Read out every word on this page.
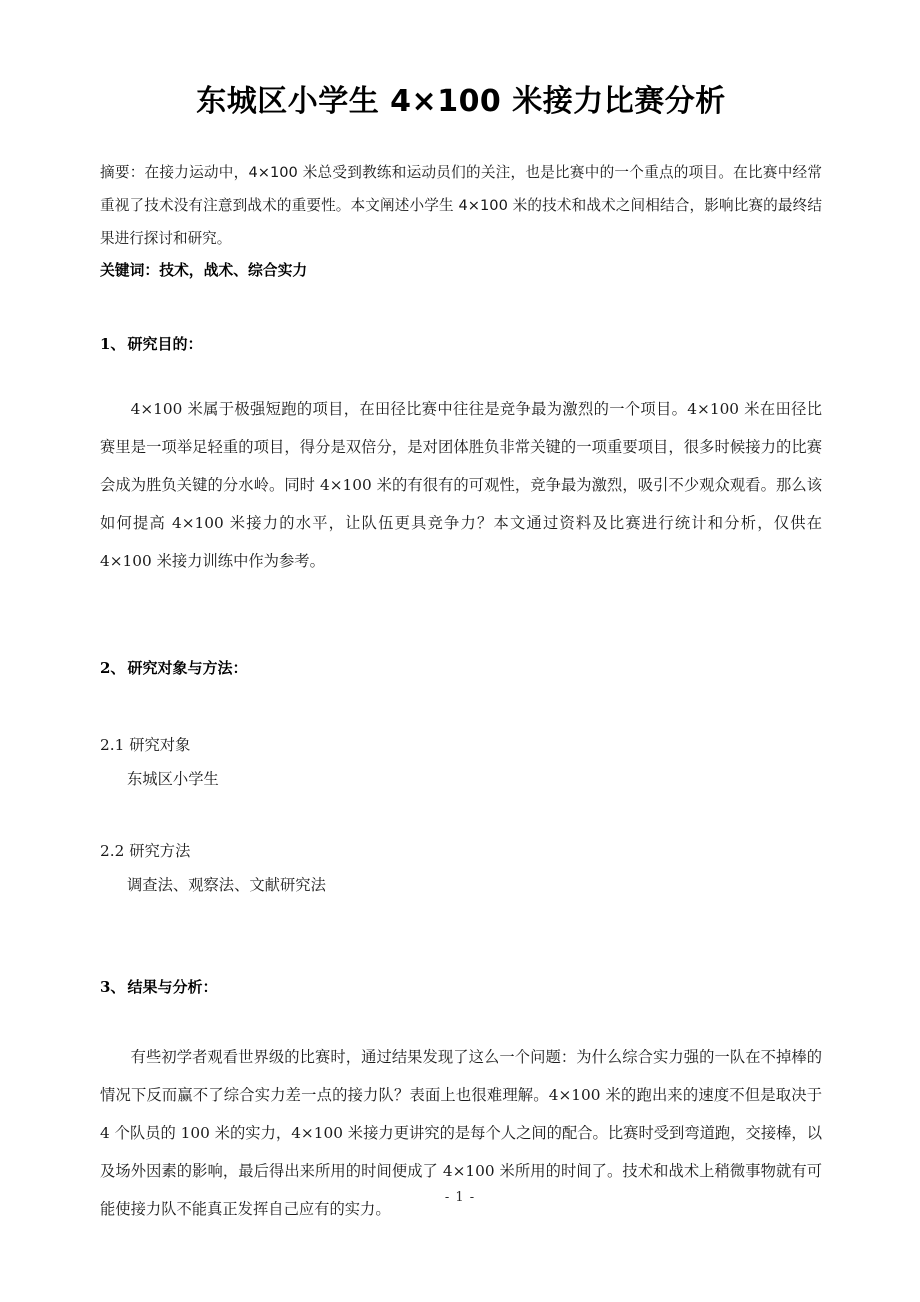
东城区小学生 4×100 米接力比赛分析

摘要：在接力运动中，4×100 米总受到教练和运动员们的关注，也是比赛中的一个重点的项目。在比赛中经常重视了技术没有注意到战术的重要性。本文阐述小学生 4×100 米的技术和战术之间相结合，影响比赛的最终结果进行探讨和研究。

关键词：技术，战术、综合实力

1、 研究目的：

4×100 米属于极强短跑的项目，在田径比赛中往往是竞争最为激烈的一个项目。4×100 米在田径比赛里是一项举足轻重的项目，得分是双倍分，是对团体胜负非常关键的一项重要项目，很多时候接力的比赛会成为胜负关键的分水岭。同时 4×100 米的有很有的可观性，竞争最为激烈，吸引不少观众观看。那么该如何提高 4×100 米接力的水平，让队伍更具竞争力？本文通过资料及比赛进行统计和分析，仅供在 4×100 米接力训练中作为参考。

2、 研究对象与方法：

2.1 研究对象

东城区小学生

2.2 研究方法

调查法、观察法、文献研究法

3、 结果与分析：

有些初学者观看世界级的比赛时，通过结果发现了这么一个问题：为什么综合实力强的一队在不掉棒的情况下反而赢不了综合实力差一点的接力队？表面上也很难理解。4×100 米的跑出来的速度不但是取决于 4 个队员的 100 米的实力，4×100 米接力更讲究的是每个人之间的配合。比赛时受到弯道跑，交接棒，以及场外因素的影响，最后得出来所用的时间便成了 4×100 米所用的时间了。技术和战术上稍微事物就有可能使接力队不能真正发挥自己应有的实力。

- 1 -
